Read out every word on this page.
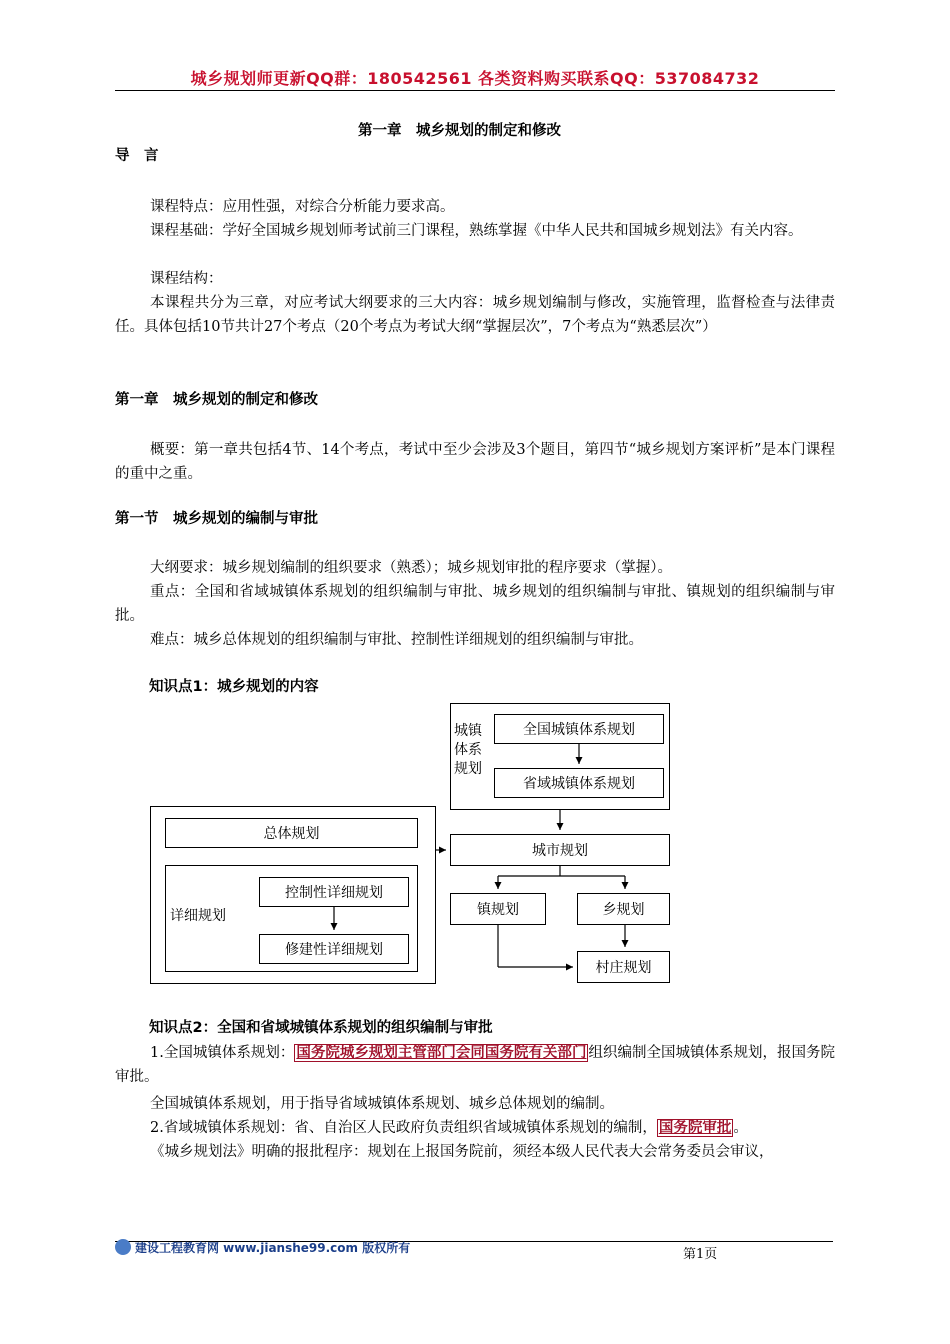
城乡规划师更新QQ群：180542561 各类资料购买联系QQ：537084732
第一章　城乡规划的制定和修改
导　言
课程特点：应用性强，对综合分析能力要求高。
课程基础：学好全国城乡规划师考试前三门课程，熟练掌握《中华人民共和国城乡规划法》有关内容。
课程结构：
本课程共分为三章，对应考试大纲要求的三大内容：城乡规划编制与修改，实施管理，监督检查与法律责任。具体包括10节共计27个考点（20个考点为考试大纲“掌握层次”，7个考点为“熟悉层次”）
第一章　城乡规划的制定和修改
概要：第一章共包括4节、14个考点，考试中至少会涉及3个题目，第四节“城乡规划方案评析”是本门课程的重中之重。
第一节　城乡规划的编制与审批
大纲要求：城乡规划编制的组织要求（熟悉）；城乡规划审批的程序要求（掌握）。
重点：全国和省域城镇体系规划的组织编制与审批、城乡规划的组织编制与审批、镇规划的组织编制与审批。
难点：城乡总体规划的组织编制与审批、控制性详细规划的组织编制与审批。
知识点1：城乡规划的内容
城镇体系规划
全国城镇体系规划
省域城镇体系规划
总体规划
详细规划
控制性详细规划
修建性详细规划
城市规划
镇规划	乡规划
村庄规划
知识点2：全国和省域城镇体系规划的组织编制与审批
1.全国城镇体系规划： 国务院城乡规划主管部门会同国务院有关部门 组织编制全国城镇体系规划，报国务院审批。
全国城镇体系规划，用于指导省域城镇体系规划、城乡总体规划的编制。
2.省域城镇体系规划：省、自治区人民政府负责组织省域城镇体系规划的编制， 国务院审批 。
《城乡规划法》明确的报批程序：规划在上报国务院前，须经本级人民代表大会常务委员会审议，
建设工程教育网 www.jianshe99.com 版权所有	第1页
